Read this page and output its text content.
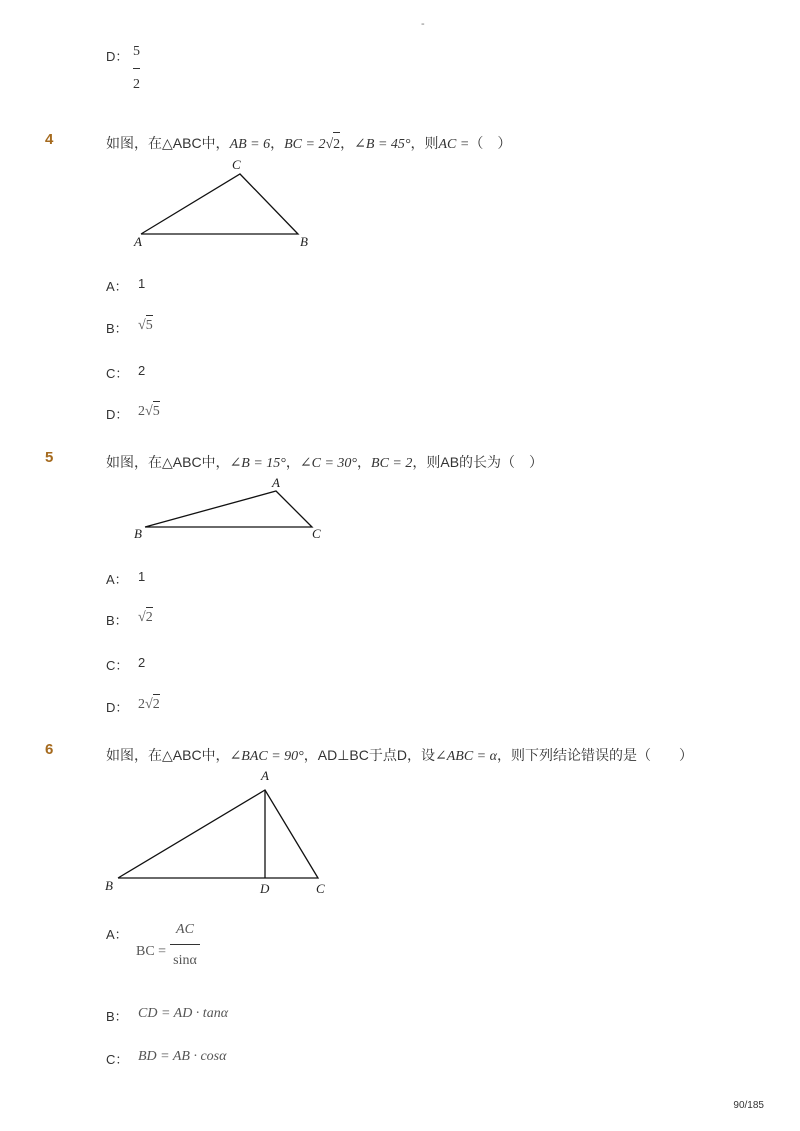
-
D： $\frac{5}{2}$
4	如图，在△ABC中，AB = 6，BC = 2√
2，∠B = 45°，则AC =（　）
A
C
B
A： 1
B： √
5
C： 2
D： 2√
5
5	如图，在△ABC中，∠B = 15°，∠C = 30°，BC = 2，则AB的长为（　）
B
A
C
A： 1
B： √
2
C： 2
D： 2√
2
6	如图，在△ABC中，∠BAC = 90°，AD⊥BC于点D，设∠ABC = α，则下列结论错误的是（　　）
B
A
D	C
A：
BC =
AC
sinα
B： CD = AD · tanα
C： BD = AB · cosα
90/185
